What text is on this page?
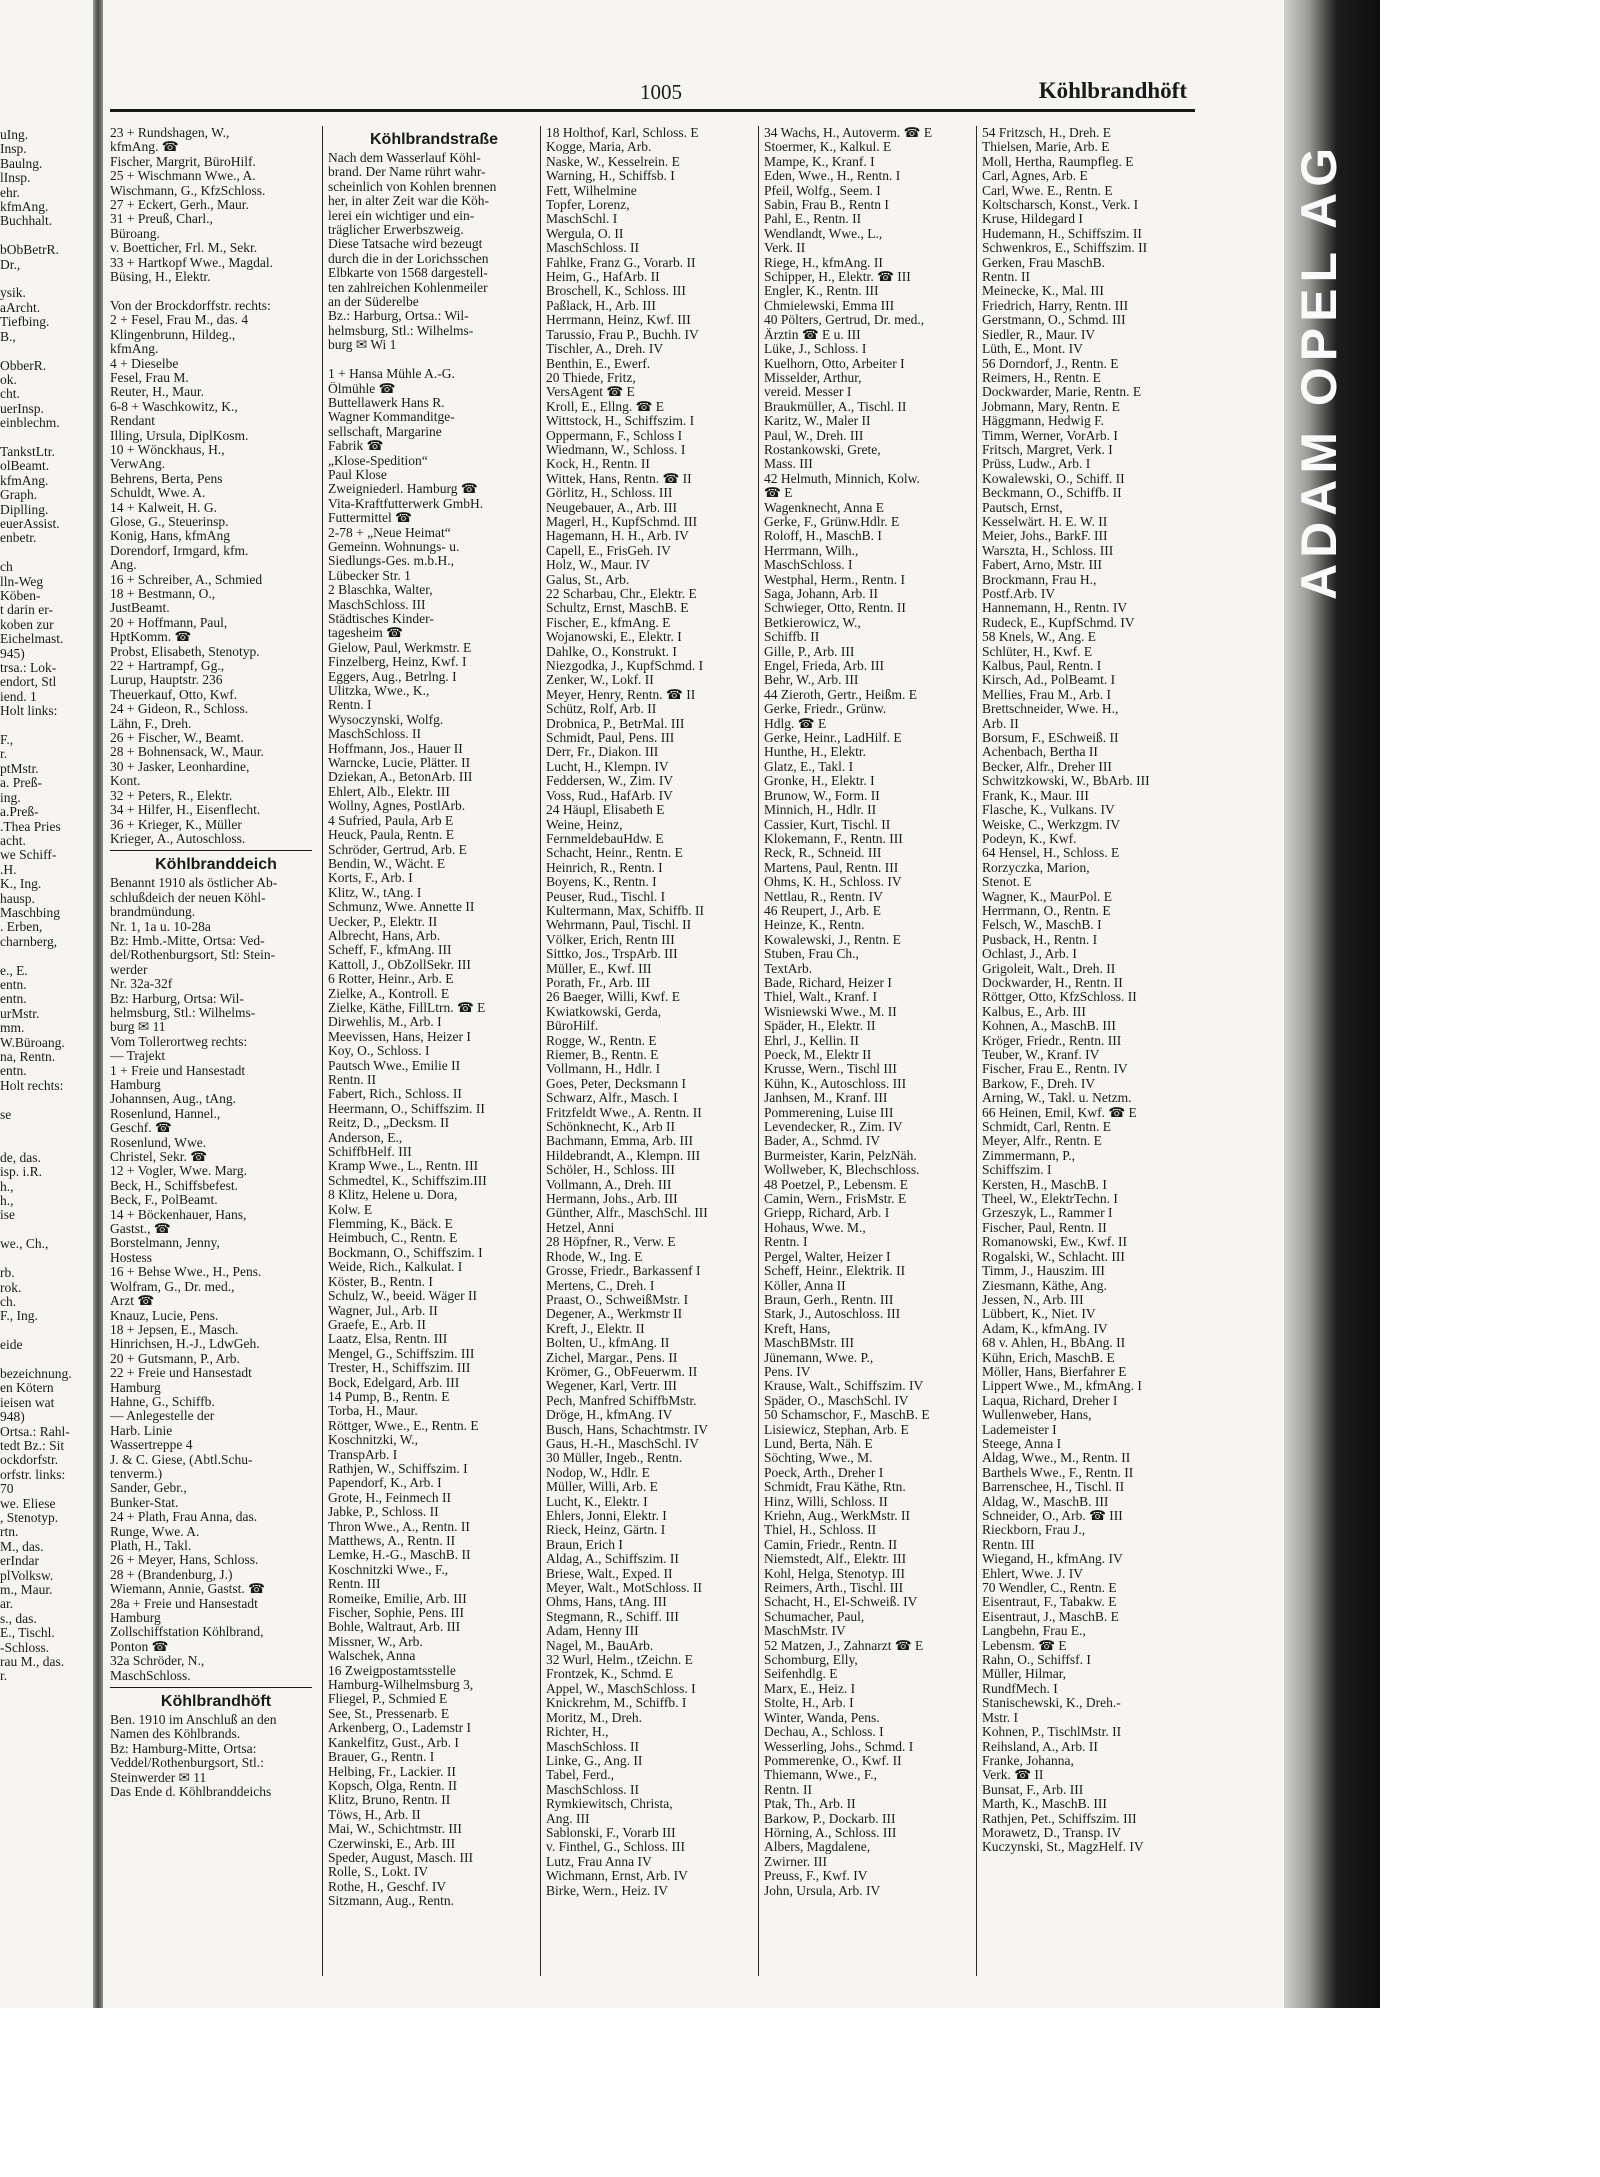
uIng.
Insp.
Baulng.
lInsp.
ehr.
kfmAng.
Buchhalt.

bObBetrR.
Dr.,

ysik.
aArcht.
Tiefbing.
B.,

ObberR.
ok.
cht.
uerInsp.
einblechm.

TankstLtr.
olBeamt.
kfmAng.
Graph.
Diplling.
euerAssist.
enbetr.

ch
lln-Weg
Köben-
t darin er-
koben zur
Eichelmast.
945)
trsa.: Lok-
endort, Stl
iend. 1
Holt links:

F.,
r.
ptMstr.
a. Preß-
ing.
a.Preß-
.Thea Pries
acht.
we Schiff-
.H.
K., Ing.
hausp.
Maschbing
. Erben,
charnberg,

e., E.
entn.
entn.
urMstr.
mm.
W.Büroang.
na, Rentn.
entn.
Holt rechts:

se

de, das.
isp. i.R.
h.,
h.,
ise

we., Ch.,

rb.
rok.
ch.
F., Ing.

eide

bezeichnung.
en Kötern
ieisen wat
948)
Ortsa.: Rahl-
tedt Bz.: Sit
ockdorfstr.
orfstr. links:
70
we. Eliese
, Stenotyp.
rtn.
M., das.
erIndar
plVolksw.
m., Maur.
ar.
s., das.
E., Tischl.
-Schloss.
rau M., das.
r.
1005	Köhlbrandhöft
23 + Rundshagen, W.,
kfmAng. ☎
Fischer, Margrit, BüroHilf.
25 + Wischmann Wwe., A.
Wischmann, G., KfzSchloss.
27 + Eckert, Gerh., Maur.
31 + Preuß, Charl.,
Büroang.
v. Boetticher, Frl. M., Sekr.
33 + Hartkopf Wwe., Magdal.
Büsing, H., Elektr.

Von der Brockdorffstr. rechts:
2 + Fesel, Frau M., das. 4
Klingenbrunn, Hildeg.,
kfmAng.
4 + Dieselbe
Fesel, Frau M.
Reuter, H., Maur.
6-8 + Waschkowitz, K.,
Rendant
Illing, Ursula, DiplKosm.
10 + Wönckhaus, H.,
VerwAng.
Behrens, Berta, Pens
Schuldt, Wwe. A.
14 + Kalweit, H. G.
Glose, G., Steuerinsp.
Konig, Hans, kfmAng
Dorendorf, Irmgard, kfm.
Ang.
16 + Schreiber, A., Schmied
18 + Bestmann, O.,
JustBeamt.
20 + Hoffmann, Paul,
HptKomm. ☎
Probst, Elisabeth, Stenotyp.
22 + Hartrampf, Gg.,
Lurup, Hauptstr. 236
Theuerkauf, Otto, Kwf.
24 + Gideon, R., Schloss.
Lähn, F., Dreh.
26 + Fischer, W., Beamt.
28 + Bohnensack, W., Maur.
30 + Jasker, Leonhardine,
Kont.
32 + Peters, R., Elektr.
34 + Hilfer, H., Eisenflecht.
36 + Krieger, K., Müller
Krieger, A., Autoschloss.
Köhlbranddeich
Benannt 1910 als östlicher Ab-
schlußdeich der neuen Köhl-
brandmündung.
Nr. 1, 1a u. 10-28a
Bz: Hmb.-Mitte, Ortsa: Ved-
del/Rothenburgsort, Stl: Stein-
werder
Nr. 32a-32f
Bz: Harburg, Ortsa: Wil-
helmsburg, Stl.: Wilhelms-
burg ✉ 11
Vom Tollerortweg rechts:
— Trajekt
1 + Freie und Hansestadt
Hamburg
Johannsen, Aug., tAng.
Rosenlund, Hannel.,
Geschf. ☎
Rosenlund, Wwe.
Christel, Sekr. ☎
12 + Vogler, Wwe. Marg.
Beck, H., Schiffsbefest.
Beck, F., PolBeamt.
14 + Böckenhauer, Hans,
Gastst., ☎
Borstelmann, Jenny,
Hostess
16 + Behse Wwe., H., Pens.
Wolfram, G., Dr. med.,
Arzt ☎
Knauz, Lucie, Pens.
18 + Jepsen, E., Masch.
Hinrichsen, H.-J., LdwGeh.
20 + Gutsmann, P., Arb.
22 + Freie und Hansestadt
Hamburg
Hahne, G., Schiffb.
— Anlegestelle der
Harb. Linie
Wassertreppe 4
J. & C. Giese, (Abtl.Schu-
tenverm.)
Sander, Gebr.,
Bunker-Stat.
24 + Plath, Frau Anna, das.
Runge, Wwe. A.
Plath, H., Takl.
26 + Meyer, Hans, Schloss.
28 + (Brandenburg, J.)
Wiemann, Annie, Gastst. ☎
28a + Freie und Hansestadt
Hamburg
Zollschiffstation Köhlbrand,
Ponton ☎
32a Schröder, N.,
MaschSchloss.
Köhlbrandhöft
Ben. 1910 im Anschluß an den
Namen des Köhlbrands.
Bz: Hamburg-Mitte, Ortsa:
Veddel/Rothenburgsort, Stl.:
Steinwerder ✉ 11
Das Ende d. Köhlbranddeichs
Köhlbrandstraße
Nach dem Wasserlauf Köhl-
brand. Der Name rührt wahr-
scheinlich von Kohlen brennen
her, in alter Zeit war die Köh-
lerei ein wichtiger und ein-
träglicher Erwerbszweig.
Diese Tatsache wird bezeugt
durch die in der Lorichsschen
Elbkarte von 1568 dargestell-
ten zahlreichen Kohlenmeiler
an der Süderelbe
Bz.: Harburg, Ortsa.: Wil-
helmsburg, Stl.: Wilhelms-
burg ✉ Wi 1

1 + Hansa Mühle A.-G.
Ölmühle ☎
Buttellawerk Hans R.
Wagner Kommanditge-
sellschaft, Margarine
Fabrik ☎
„Klose-Spedition“
Paul Klose
Zweigniederl. Hamburg ☎
Vita-Kraftfutterwerk GmbH.
Futtermittel ☎
2-78 + „Neue Heimat“
Gemeinn. Wohnungs- u.
Siedlungs-Ges. m.b.H.,
Lübecker Str. 1
2 Blaschka, Walter,
MaschSchloss. III
Städtisches Kinder-
tagesheim ☎
Gielow, Paul, Werkmstr. E
Finzelberg, Heinz, Kwf. I
Eggers, Aug., Betrlng. I
Ulitzka, Wwe., K.,
Rentn. I
Wysoczynski, Wolfg.
MaschSchloss. II
Hoffmann, Jos., Hauer II
Warncke, Lucie, Plätter. II
Dziekan, A., BetonArb. III
Ehlert, Alb., Elektr. III
Wollny, Agnes, PostlArb.
4 Sufried, Paula, Arb E
Heuck, Paula, Rentn. E
Schröder, Gertrud, Arb. E
Bendin, W., Wächt. E
Korts, F., Arb. I
Klitz, W., tAng. I
Schmunz, Wwe. Annette II
Uecker, P., Elektr. II
Albrecht, Hans, Arb.
Scheff, F., kfmAng. III
Kattoll, J., ObZollSekr. III
6 Rotter, Heinr., Arb. E
Zielke, A., Kontroll. E
Zielke, Käthe, FillLtrn. ☎ E
Dirwehlis, M., Arb. I
Meevissen, Hans, Heizer I
Koy, O., Schloss. I
Pautsch Wwe., Emilie II
Rentn. II
Fabert, Rich., Schloss. II
Heermann, O., Schiffszim. II
Reitz, D., „Decksm. II
Anderson, E.,
SchiffbHelf. III
Kramp Wwe., L., Rentn. III
Schmedtel, K., Schiffszim.III
8 Klitz, Helene u. Dora,
Kolw. E
Flemming, K., Bäck. E
Heimbuch, C., Rentn. E
Bockmann, O., Schiffszim. I
Weide, Rich., Kalkulat. I
Köster, B., Rentn. I
Schulz, W., beeid. Wäger II
Wagner, Jul., Arb. II
Graefe, E., Arb. II
Laatz, Elsa, Rentn. III
Mengel, G., Schiffszim. III
Trester, H., Schiffszim. III
Bock, Edelgard, Arb. III
14 Pump, B., Rentn. E
Torba, H., Maur.
Röttger, Wwe., E., Rentn. E
Koschnitzki, W.,
TranspArb. I
Rathjen, W., Schiffszim. I
Papendorf, K., Arb. I
Grote, H., Feinmech II
Jabke, P., Schloss. II
Thron Wwe., A., Rentn. II
Matthews, A., Rentn. II
Lemke, H.-G., MaschB. II
Koschnitzki Wwe., F.,
Rentn. III
Romeike, Emilie, Arb. III
Fischer, Sophie, Pens. III
Bohle, Waltraut, Arb. III
Missner, W., Arb.
Walschek, Anna
16 Zweigpostamtsstelle
Hamburg-Wilhelmsburg 3,
Fliegel, P., Schmied E
See, St., Pressenarb. E
Arkenberg, O., Lademstr I
Kankelfitz, Gust., Arb. I
Brauer, G., Rentn. I
Helbing, Fr., Lackier. II
Kopsch, Olga, Rentn. II
Klitz, Bruno, Rentn. II
Töws, H., Arb. II
Mai, W., Schichtmstr. III
Czerwinski, E., Arb. III
Speder, August, Masch. III
Rolle, S., Lokt. IV
Rothe, H., Geschf. IV
Sitzmann, Aug., Rentn.
18 Holthof, Karl, Schloss. E
Kogge, Maria, Arb.
Naske, W., Kesselrein. E
Warning, H., Schiffsb. I
Fett, Wilhelmine
Topfer, Lorenz,
MaschSchl. I
Wergula, O. II
MaschSchloss. II
Fahlke, Franz G., Vorarb. II
Heim, G., HafArb. II
Broschell, K., Schloss. III
Paßlack, H., Arb. III
Herrmann, Heinz, Kwf. III
Tarussio, Frau P., Buchh. IV
Tischler, A., Dreh. IV
Benthin, E., Ewerf.
20 Thiede, Fritz,
VersAgent ☎ E
Kroll, E., Ellng. ☎ E
Wittstock, H., Schiffszim. I
Oppermann, F., Schloss I
Wiedmann, W., Schloss. I
Kock, H., Rentn. II
Wittek, Hans, Rentn. ☎ II
Görlitz, H., Schloss. III
Neugebauer, A., Arb. III
Magerl, H., KupfSchmd. III
Hagemann, H. H., Arb. IV
Capell, E., FrisGeh. IV
Holz, W., Maur. IV
Galus, St., Arb.
22 Scharbau, Chr., Elektr. E
Schultz, Ernst, MaschB. E
Fischer, E., kfmAng. E
Wojanowski, E., Elektr. I
Dahlke, O., Konstrukt. I
Niezgodka, J., KupfSchmd. I
Zenker, W., Lokf. II
Meyer, Henry, Rentn. ☎ II
Schütz, Rolf, Arb. II
Drobnica, P., BetrMal. III
Schmidt, Paul, Pens. III
Derr, Fr., Diakon. III
Lucht, H., Klempn. IV
Feddersen, W., Zim. IV
Voss, Rud., HafArb. IV
24 Häupl, Elisabeth E
Weine, Heinz,
FernmeldebauHdw. E
Schacht, Heinr., Rentn. E
Heinrich, R., Rentn. I
Boyens, K., Rentn. I
Peuser, Rud., Tischl. I
Kultermann, Max, Schiffb. II
Wehrmann, Paul, Tischl. II
Völker, Erich, Rentn III
Sittko, Jos., TrspArb. III
Müller, E., Kwf. III
Porath, Fr., Arb. III
26 Baeger, Willi, Kwf. E
Kwiatkowski, Gerda,
BüroHilf.
Rogge, W., Rentn. E
Riemer, B., Rentn. E
Vollmann, H., Hdlr. I
Goes, Peter, Decksmann I
Schwarz, Alfr., Masch. I
Fritzfeldt Wwe., A. Rentn. II
Schönknecht, K., Arb II
Bachmann, Emma, Arb. III
Hildebrandt, A., Klempn. III
Schöler, H., Schloss. III
Vollmann, A., Dreh. III
Hermann, Johs., Arb. III
Günther, Alfr., MaschSchl. III
Hetzel, Anni
28 Höpfner, R., Verw. E
Rhode, W., Ing. E
Grosse, Friedr., Barkassenf I
Mertens, C., Dreh. I
Praast, O., SchweißMstr. I
Degener, A., Werkmstr II
Kreft, J., Elektr. II
Bolten, U., kfmAng. II
Zichel, Margar., Pens. II
Krömer, G., ObFeuerwm. II
Wegener, Karl, Vertr. III
Pech, Manfred SchiffbMstr.
Dröge, H., kfmAng. IV
Busch, Hans, Schachtmstr. IV
Gaus, H.-H., MaschSchl. IV
30 Müller, Ingeb., Rentn.
Nodop, W., Hdlr. E
Müller, Willi, Arb. E
Lucht, K., Elektr. I
Ehlers, Jonni, Elektr. I
Rieck, Heinz, Gärtn. I
Braun, Erich I
Aldag, A., Schiffszim. II
Briese, Walt., Exped. II
Meyer, Walt., MotSchloss. II
Ohms, Hans, tAng. III
Stegmann, R., Schiff. III
Adam, Henny III
Nagel, M., BauArb.
32 Wurl, Helm., tZeichn. E
Frontzek, K., Schmd. E
Appel, W., MaschSchloss. I
Knickrehm, M., Schiffb. I
Moritz, M., Dreh.
Richter, H.,
MaschSchloss. II
Linke, G., Ang. II
Tabel, Ferd.,
MaschSchloss. II
Rymkiewitsch, Christa,
Ang. III
Sablonski, F., Vorarb III
v. Finthel, G., Schloss. III
Lutz, Frau Anna IV
Wichmann, Ernst, Arb. IV
Birke, Wern., Heiz. IV
34 Wachs, H., Autoverm. ☎ E
Stoermer, K., Kalkul. E
Mampe, K., Kranf. I
Eden, Wwe., H., Rentn. I
Pfeil, Wolfg., Seem. I
Sabin, Frau B., Rentn I
Pahl, E., Rentn. II
Wendlandt, Wwe., L.,
Verk. II
Riege, H., kfmAng. II
Schipper, H., Elektr. ☎ III
Engler, K., Rentn. III
Chmielewski, Emma III
40 Pölters, Gertrud, Dr. med.,
Ärztin ☎ E u. III
Lüke, J., Schloss. I
Kuelhorn, Otto, Arbeiter I
Misselder, Arthur,
vereid. Messer I
Braukmüller, A., Tischl. II
Karitz, W., Maler II
Paul, W., Dreh. III
Rostankowski, Grete,
Mass. III
42 Helmuth, Minnich, Kolw.
☎ E
Wagenknecht, Anna E
Gerke, F., Grünw.Hdlr. E
Roloff, H., MaschB. I
Herrmann, Wilh.,
MaschSchloss. I
Westphal, Herm., Rentn. I
Saga, Johann, Arb. II
Schwieger, Otto, Rentn. II
Betkierowicz, W.,
Schiffb. II
Gille, P., Arb. III
Engel, Frieda, Arb. III
Behr, W., Arb. III
44 Zieroth, Gertr., Heißm. E
Gerke, Friedr., Grünw.
Hdlg. ☎ E
Gerke, Heinr., LadHilf. E
Hunthe, H., Elektr.
Glatz, E., Takl. I
Gronke, H., Elektr. I
Brunow, W., Form. II
Minnich, H., Hdlr. II
Cassier, Kurt, Tischl. II
Klokemann, F., Rentn. III
Reck, R., Schneid. III
Martens, Paul, Rentn. III
Ohms, K. H., Schloss. IV
Nettlau, R., Rentn. IV
46 Reupert, J., Arb. E
Heinze, K., Rentn.
Kowalewski, J., Rentn. E
Stuben, Frau Ch.,
TextArb.
Bade, Richard, Heizer I
Thiel, Walt., Kranf. I
Wisniewski Wwe., M. II
Späder, H., Elektr. II
Ehrl, J., Kellin. II
Poeck, M., Elektr II
Krusse, Wern., Tischl III
Kühn, K., Autoschloss. III
Janhsen, M., Kranf. III
Pommerening, Luise III
Levendecker, R., Zim. IV
Bader, A., Schmd. IV
Burmeister, Karin, PelzNäh.
Wollweber, K, Blechschloss.
48 Poetzel, P., Lebensm. E
Camin, Wern., FrisMstr. E
Griepp, Richard, Arb. I
Hohaus, Wwe. M.,
Rentn. I
Pergel, Walter, Heizer I
Scheff, Heinr., Elektrik. II
Köller, Anna II
Braun, Gerh., Rentn. III
Stark, J., Autoschloss. III
Kreft, Hans,
MaschBMstr. III
Jünemann, Wwe. P.,
Pens. IV
Krause, Walt., Schiffszim. IV
Späder, O., MaschSchl. IV
50 Schamschor, F., MaschB. E
Lisiewicz, Stephan, Arb. E
Lund, Berta, Näh. E
Söchting, Wwe., M.
Poeck, Arth., Dreher I
Schmidt, Frau Käthe, Rtn.
Hinz, Willi, Schloss. II
Kriehn, Aug., WerkMstr. II
Thiel, H., Schloss. II
Camin, Friedr., Rentn. II
Niemstedt, Alf., Elektr. III
Kohl, Helga, Stenotyp. III
Reimers, Arth., Tischl. III
Schacht, H., El-Schweiß. IV
Schumacher, Paul,
MaschMstr. IV
52 Matzen, J., Zahnarzt ☎ E
Schomburg, Elly,
Seifenhdlg. E
Marx, E., Heiz. I
Stolte, H., Arb. I
Winter, Wanda, Pens.
Dechau, A., Schloss. I
Wesserling, Johs., Schmd. I
Pommerenke, O., Kwf. II
Thiemann, Wwe., F.,
Rentn. II
Ptak, Th., Arb. II
Barkow, P., Dockarb. III
Hörning, A., Schloss. III
Albers, Magdalene,
Zwirner. III
Preuss, F., Kwf. IV
John, Ursula, Arb. IV
54 Fritzsch, H., Dreh. E
Thielsen, Marie, Arb. E
Moll, Hertha, Raumpfleg. E
Carl, Agnes, Arb. E
Carl, Wwe. E., Rentn. E
Koltscharsch, Konst., Verk. I
Kruse, Hildegard I
Hudemann, H., Schiffszim. II
Schwenkros, E., Schiffszim. II
Gerken, Frau MaschB.
Rentn. II
Meinecke, K., Mal. III
Friedrich, Harry, Rentn. III
Gerstmann, O., Schmd. III
Siedler, R., Maur. IV
Lüth, E., Mont. IV
56 Dorndorf, J., Rentn. E
Reimers, H., Rentn. E
Dockwarder, Marie, Rentn. E
Jobmann, Mary, Rentn. E
Häggmann, Hedwig F.
Timm, Werner, VorArb. I
Fritsch, Margret, Verk. I
Prüss, Ludw., Arb. I
Kowalewski, O., Schiff. II
Beckmann, O., Schiffb. II
Pautsch, Ernst,
Kesselwärt. H. E. W. II
Meier, Johs., BarkF. III
Warszta, H., Schloss. III
Fabert, Arno, Mstr. III
Brockmann, Frau H.,
Postf.Arb. IV
Hannemann, H., Rentn. IV
Rudeck, E., KupfSchmd. IV
58 Knels, W., Ang. E
Schlüter, H., Kwf. E
Kalbus, Paul, Rentn. I
Kirsch, Ad., PolBeamt. I
Mellies, Frau M., Arb. I
Brettschneider, Wwe. H.,
Arb. II
Borsum, F., ESchweiß. II
Achenbach, Bertha II
Becker, Alfr., Dreher III
Schwitzkowski, W., BbArb. III
Frank, K., Maur. III
Flasche, K., Vulkans. IV
Weiske, C., Werkzgm. IV
Podeyn, K., Kwf.
64 Hensel, H., Schloss. E
Rorzyczka, Marion,
Stenot. E
Wagner, K., MaurPol. E
Herrmann, O., Rentn. E
Felsch, W., MaschB. I
Pusback, H., Rentn. I
Ochlast, J., Arb. I
Grigoleit, Walt., Dreh. II
Dockwarder, H., Rentn. II
Röttger, Otto, KfzSchloss. II
Kalbus, E., Arb. III
Kohnen, A., MaschB. III
Kröger, Friedr., Rentn. III
Teuber, W., Kranf. IV
Fischer, Frau E., Rentn. IV
Barkow, F., Dreh. IV
Arning, W., Takl. u. Netzm.
66 Heinen, Emil, Kwf. ☎ E
Schmidt, Carl, Rentn. E
Meyer, Alfr., Rentn. E
Zimmermann, P.,
Schiffszim. I
Kersten, H., MaschB. I
Theel, W., ElektrTechn. I
Grzeszyk, L., Rammer I
Fischer, Paul, Rentn. II
Romanowski, Ew., Kwf. II
Rogalski, W., Schlacht. III
Timm, J., Hauszim. III
Ziesmann, Käthe, Ang.
Jessen, N., Arb. III
Lübbert, K., Niet. IV
Adam, K., kfmAng. IV
68 v. Ahlen, H., BbAng. II
Kühn, Erich, MaschB. E
Möller, Hans, Bierfahrer E
Lippert Wwe., M., kfmAng. I
Laqua, Richard, Dreher I
Wullenweber, Hans,
Lademeister I
Steege, Anna I
Aldag, Wwe., M., Rentn. II
Barthels Wwe., F., Rentn. II
Barrenschee, H., Tischl. II
Aldag, W., MaschB. III
Schneider, O., Arb. ☎ III
Rieckborn, Frau J.,
Rentn. III
Wiegand, H., kfmAng. IV
Ehlert, Wwe. J. IV
70 Wendler, C., Rentn. E
Eisentraut, F., Tabakw. E
Eisentraut, J., MaschB. E
Langbehn, Frau E.,
Lebensm. ☎ E
Rahn, O., Schiffsf. I
Müller, Hilmar,
RundfMech. I
Stanischewski, K., Dreh.-
Mstr. I
Kohnen, P., TischlMstr. II
Reihsland, A., Arb. II
Franke, Johanna,
Verk. ☎ II
Bunsat, F., Arb. III
Marth, K., MaschB. III
Rathjen, Pet., Schiffszim. III
Morawetz, D., Transp. IV
Kuczynski, St., MagzHelf. IV
ADAM OPEL AG
